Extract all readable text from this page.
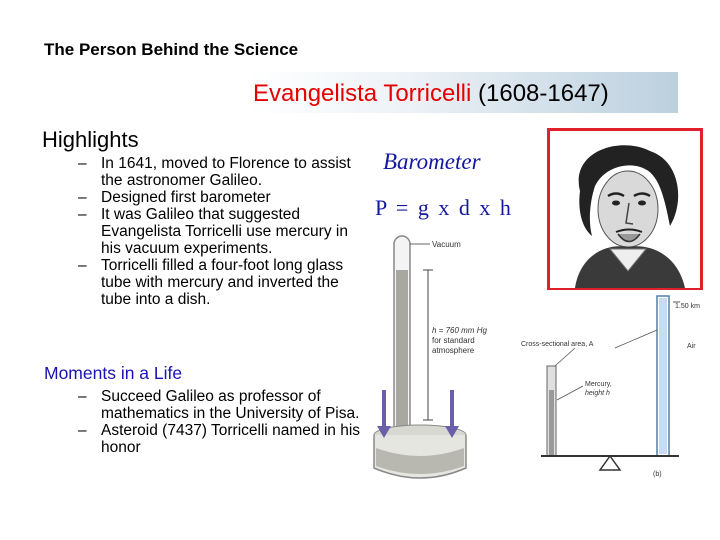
The Person Behind the Science
Evangelista Torricelli (1608-1647)
Highlights
– In 1641, moved to Florence to assist the astronomer Galileo.
– Designed first barometer
– It was Galileo that suggested Evangelista Torricelli use mercury in his vacuum experiments.
– Torricelli filled a four-foot long glass tube with mercury and inverted the tube into a dish.
Moments in a Life
– Succeed Galileo as professor of mathematics in the University of Pisa.
– Asteroid (7437) Torricelli named in his honor
Barometer
P = g x d x h
Vacuum
h = 760 mm Hg
for standard
atmosphere
1.50 km
Air
Cross-sectional area, A
Mercury,
height h
(b)
